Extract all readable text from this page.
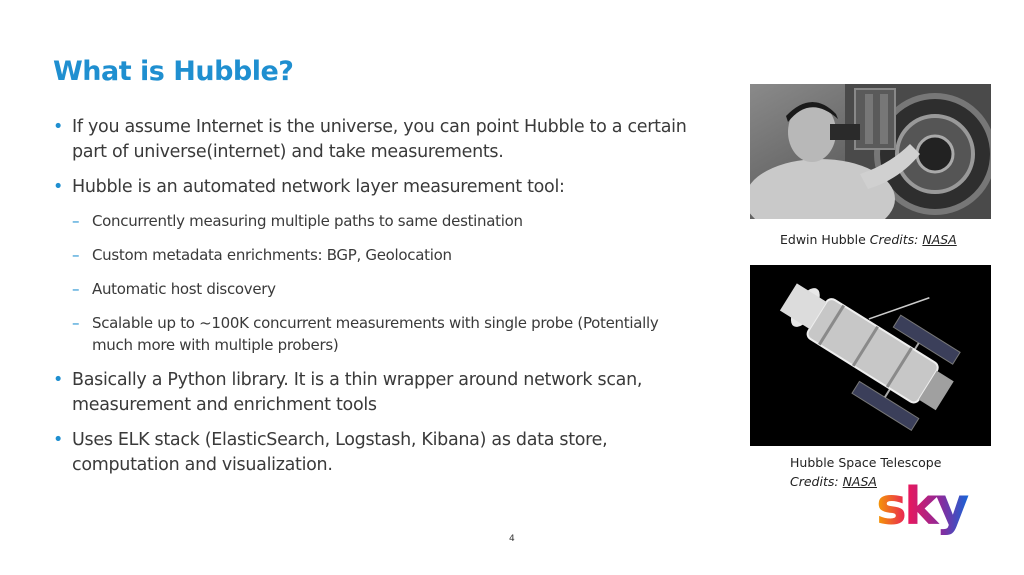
What is Hubble?
• If you assume Internet is the universe, you can point Hubble to a certain part of universe(internet) and take measurements.
• Hubble is an automated network layer measurement tool:
– Concurrently measuring multiple paths to same destination
– Custom metadata enrichments: BGP, Geolocation
– Automatic host discovery
– Scalable up to ~100K concurrent measurements with single probe (Potentially much more with multiple probers)
• Basically a Python library. It is a thin wrapper around network scan, measurement and enrichment tools
• Uses ELK stack (ElasticSearch, Logstash, Kibana) as data store, computation and visualization.
Edwin Hubble Credits: NASA
Hubble Space Telescope
Credits: NASA sky
4
